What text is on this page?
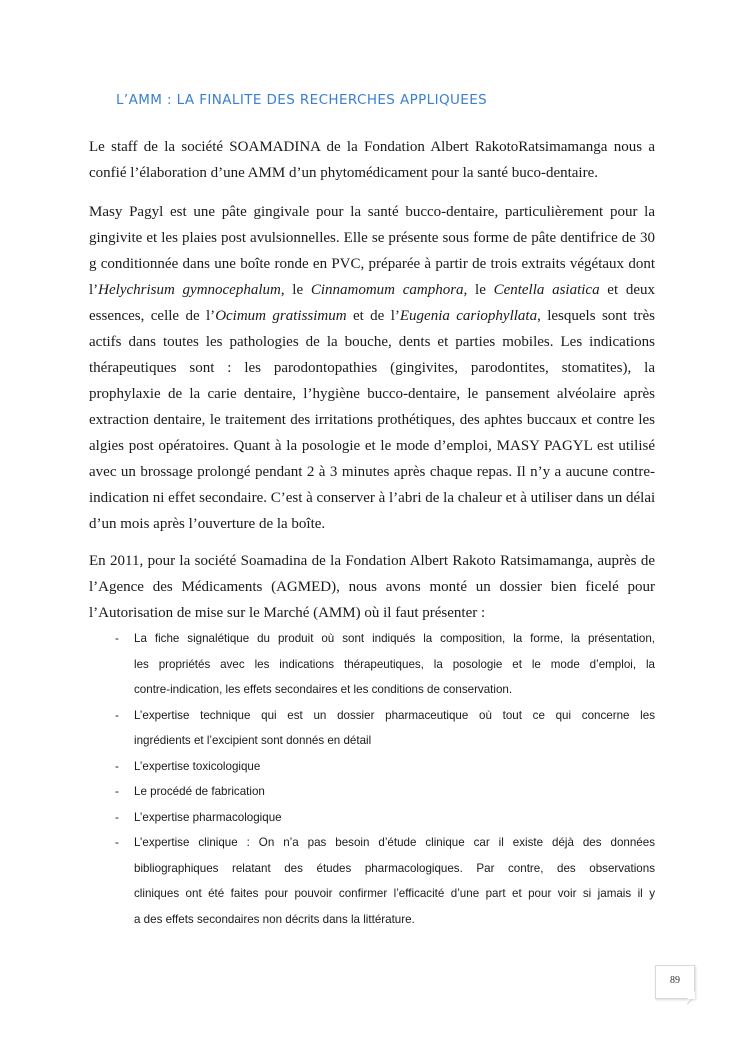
L’AMM : LA FINALITE DES RECHERCHES APPLIQUEES

Le staff de la société SOAMADINA de la Fondation Albert RakotoRatsimamanga nous a
confié l’élaboration d’une AMM d’un phytomédicament pour la santé buco-dentaire.

Masy Pagyl est une pâte gingivale pour la santé bucco-dentaire, particulièrement pour la
gingivite et les plaies post avulsionnelles. Elle se présente sous forme de pâte dentifrice de 30
g conditionnée dans une boîte ronde en PVC, préparée à partir de trois extraits végétaux dont
l’Helychrisum gymnocephalum, le Cinnamomum camphora, le Centella asiatica et deux
essences, celle de l’Ocimum gratissimum et de l’Eugenia cariophyllata, lesquels sont très
actifs dans toutes les pathologies de la bouche, dents et parties mobiles. Les indications
thérapeutiques sont : les parodontopathies (gingivites, parodontites, stomatites), la
prophylaxie de la carie dentaire, l’hygiène bucco-dentaire, le pansement alvéolaire après
extraction dentaire, le traitement des irritations prothétiques, des aphtes buccaux et contre les
algies post opératoires. Quant à la posologie et le mode d’emploi, MASY PAGYL est utilisé
avec un brossage prolongé pendant 2 à 3 minutes après chaque repas. Il n’y a aucune contre-
indication ni effet secondaire. C’est à conserver à l’abri de la chaleur et à utiliser dans un délai
d’un mois après l’ouverture de la boîte.

En 2011, pour la société Soamadina de la Fondation Albert Rakoto Ratsimamanga, auprès de
l’Agence des Médicaments (AGMED), nous avons monté un dossier bien ficelé pour
l’Autorisation de mise sur le Marché (AMM) où il faut présenter :

- La fiche signalétique du produit où sont indiqués la composition, la forme, la présentation,
les propriétés avec les indications thérapeutiques, la posologie et le mode d’emploi, la
contre-indication, les effets secondaires et les conditions de conservation.
- L’expertise technique qui est un dossier pharmaceutique où tout ce qui concerne les
ingrédients et l’excipient sont donnés en détail
- L’expertise toxicologique
- Le procédé de fabrication
- L’expertise pharmacologique
- L’expertise clinique : On n’a pas besoin d’étude clinique car il existe déjà des données
bibliographiques relatant des études pharmacologiques. Par contre, des observations
cliniques ont été faites pour pouvoir confirmer l’efficacité d’une part et pour voir si jamais il y
a des effets secondaires non décrits dans la littérature.
89
